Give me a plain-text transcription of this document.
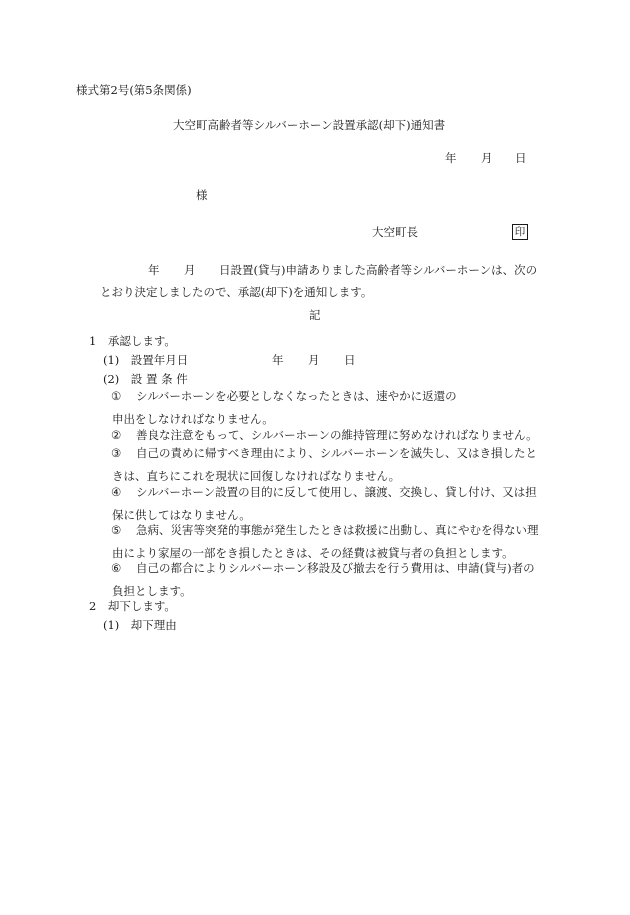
様式第2号(第5条関係)
大空町高齢者等シルバーホーン設置承認(却下)通知書
年 月 日
様
大空町長	印
年 月 日設置(貸与)申請ありました高齢者等シルバーホーンは、次の
とおり決定しましたので、承認(却下)を通知します。
記
1　承認します。
(1)　設置年月日	年 月 日
(2)　設 置 条 件
①	シルバーホーンを必要としなくなったときは、速やかに返還の申出をしなければなりません。
②	善良な注意をもって、シルバーホーンの維持管理に努めなければなりません。
③	自己の責めに帰すべき理由により、シルバーホーンを滅失し、又はき損したときは、直ちにこれを現状に回復しなければなりません。
④	シルバーホーン設置の目的に反して使用し、譲渡、交換し、貸し付け、又は担保に供してはなりません。
⑤	急病、災害等突発的事態が発生したときは救援に出動し、真にやむを得ない理由により家屋の一部をき損したときは、その経費は被貸与者の負担とします。
⑥	自己の都合によりシルバーホーン移設及び撤去を行う費用は、申請(貸与)者の負担とします。
2　却下します。
(1)　却下理由
